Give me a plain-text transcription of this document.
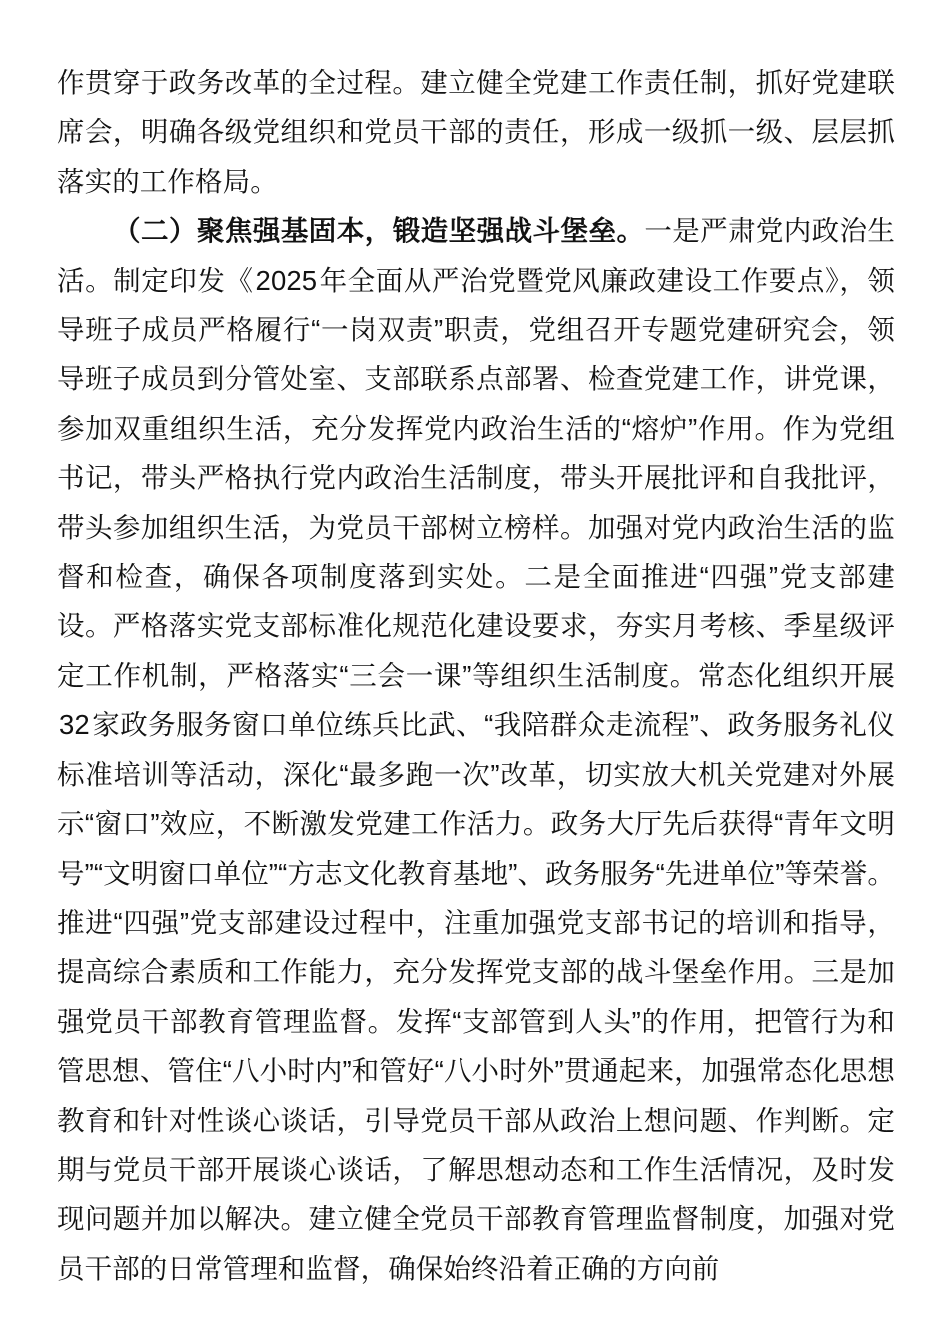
作贯穿于政务改革的全过程。建立健全党建工作责任制，抓好党建联席会，明确各级党组织和党员干部的责任，形成一级抓一级、层层抓落实的工作格局。

（二）聚焦强基固本，锻造坚强战斗堡垒。一是严肃党内政治生活。制定印发《2025年全面从严治党暨党风廉政建设工作要点》，领导班子成员严格履行“一岗双责”职责，党组召开专题党建研究会，领导班子成员到分管处室、支部联系点部署、检查党建工作，讲党课，参加双重组织生活，充分发挥党内政治生活的“熔炉”作用。作为党组书记，带头严格执行党内政治生活制度，带头开展批评和自我批评，带头参加组织生活，为党员干部树立榜样。加强对党内政治生活的监督和检查，确保各项制度落到实处。二是全面推进“四强”党支部建设。严格落实党支部标准化规范化建设要求，夯实月考核、季星级评定工作机制，严格落实“三会一课”等组织生活制度。常态化组织开展32家政务服务窗口单位练兵比武、“我陪群众走流程”、政务服务礼仪标准培训等活动，深化“最多跑一次”改革，切实放大机关党建对外展示“窗口”效应，不断激发党建工作活力。政务大厅先后获得“青年文明号”“文明窗口单位”“方志文化教育基地”、政务服务“先进单位”等荣誉。推进“四强”党支部建设过程中，注重加强党支部书记的培训和指导，提高综合素质和工作能力，充分发挥党支部的战斗堡垒作用。三是加强党员干部教育管理监督。发挥“支部管到人头”的作用，把管行为和管思想、管住“八小时内”和管好“八小时外”贯通起来，加强常态化思想教育和针对性谈心谈话，引导党员干部从政治上想问题、作判断。定期与党员干部开展谈心谈话，了解思想动态和工作生活情况，及时发现问题并加以解决。建立健全党员干部教育管理监督制度，加强对党员干部的日常管理和监督，确保始终沿着正确的方向前
